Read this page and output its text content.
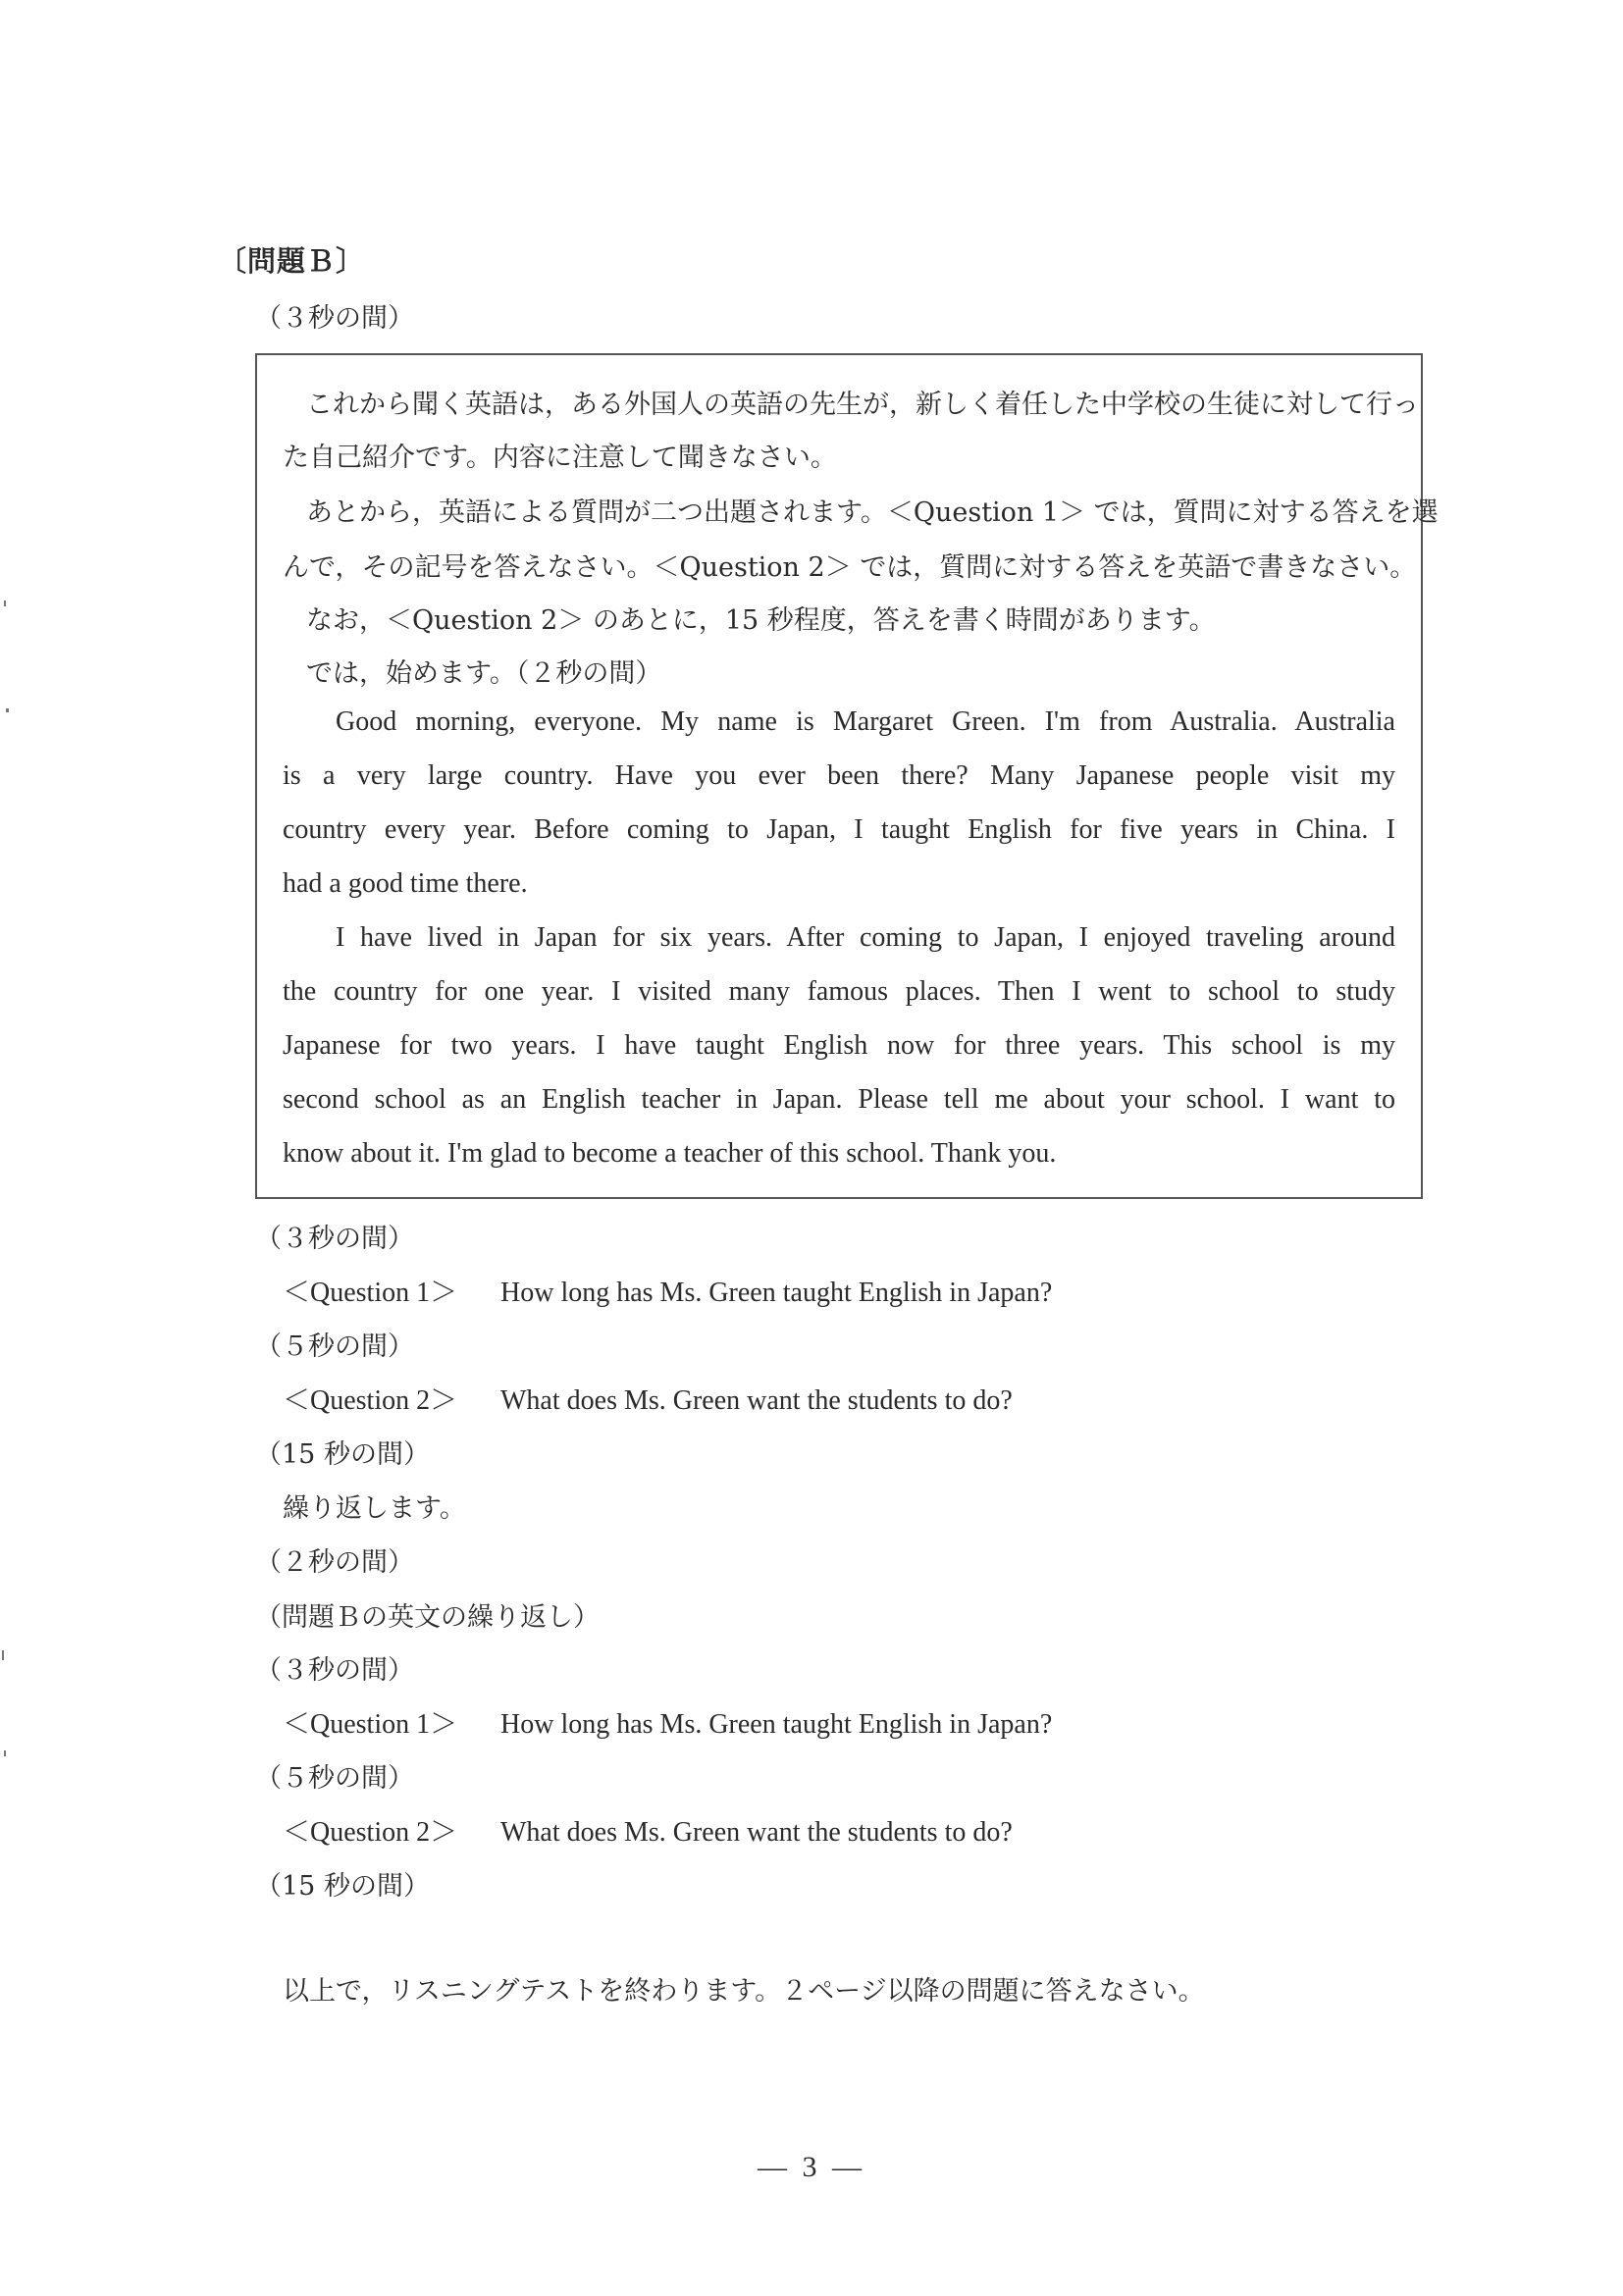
〔問題Ｂ〕
（３秒の間）
これから聞く英語は，ある外国人の英語の先生が，新しく着任した中学校の生徒に対して行っ
た自己紹介です。内容に注意して聞きなさい。
あとから，英語による質問が二つ出題されます。＜Question 1＞ では，質問に対する答えを選
んで，その記号を答えなさい。＜Question 2＞ では，質問に対する答えを英語で書きなさい。
なお，＜Question 2＞ のあとに，15 秒程度，答えを書く時間があります。
では，始めます。（２秒の間）
Good morning, everyone. My name is Margaret Green. I'm from Australia. Australia
is a very large country. Have you ever been there? Many Japanese people visit my
country every year. Before coming to Japan, I taught English for five years in China. I
had a good time there.
I have lived in Japan for six years. After coming to Japan, I enjoyed traveling around
the country for one year. I visited many famous places. Then I went to school to study
Japanese for two years. I have taught English now for three years. This school is my
second school as an English teacher in Japan. Please tell me about your school. I want to
know about it. I'm glad to become a teacher of this school. Thank you.
（３秒の間）
＜Question 1＞ How long has Ms. Green taught English in Japan?
（５秒の間）
＜Question 2＞ What does Ms. Green want the students to do?
（15 秒の間）
繰り返します。
（２秒の間）
（問題Ｂの英文の繰り返し）
（３秒の間）
＜Question 1＞ How long has Ms. Green taught English in Japan?
（５秒の間）
＜Question 2＞ What does Ms. Green want the students to do?
（15 秒の間）
以上で，リスニングテストを終わります。２ページ以降の問題に答えなさい。
— 3 —
